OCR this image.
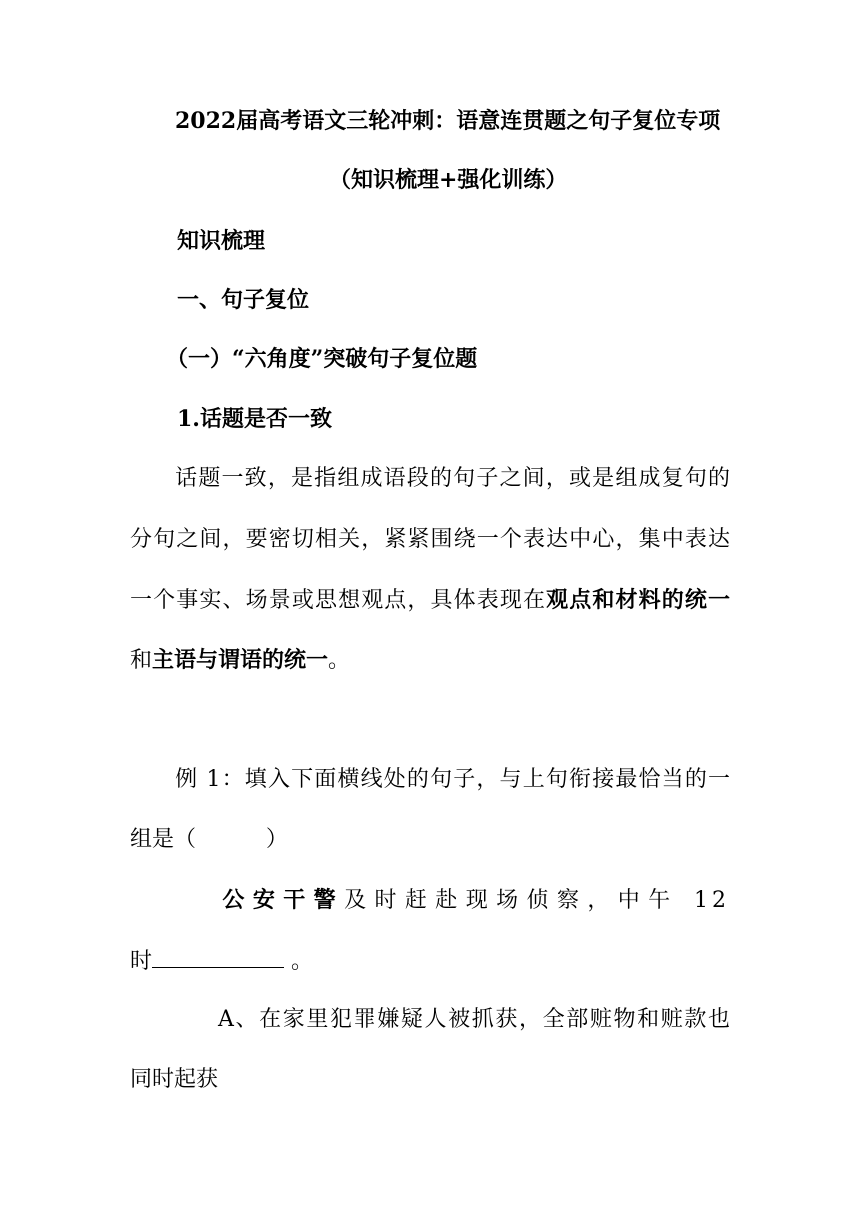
2022届高考语文三轮冲刺：语意连贯题之句子复位专项
（知识梳理+强化训练）
知识梳理
一、句子复位
（一）“六角度”突破句子复位题
1.话题是否一致
话题一致，是指组成语段的句子之间，或是组成复句的
分句之间，要密切相关，紧紧围绕一个表达中心，集中表达
一个事实、场景或思想观点，具体表现在观点和材料的统一
和主语与谓语的统一。
例 1：填入下面横线处的句子，与上句衔接最恰当的一
组是（          ）
公安干警及时赶赴现场侦察，中午 12
时	。
A、在家里犯罪嫌疑人被抓获，全部赃物和赃款也
同时起获
